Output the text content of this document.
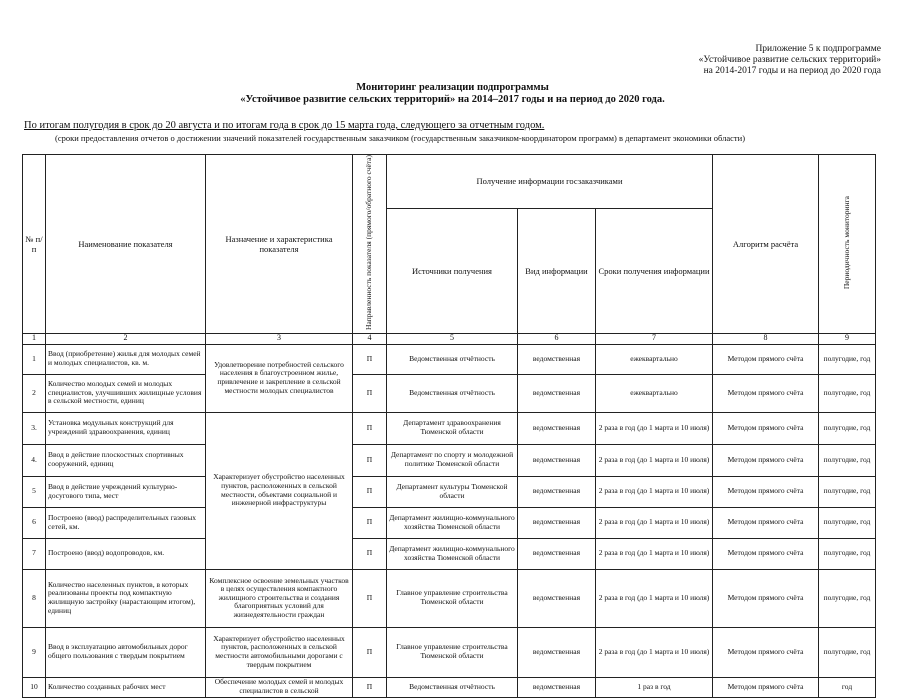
Приложение 5 к подпрограмме
«Устойчивое развитие сельских территорий»
на 2014-2017 годы и на период до 2020 года
Мониторинг реализации подпрограммы
«Устойчивое развитие сельских территорий» на 2014–2017 годы и на период до 2020 года.
По итогам полугодия в срок до 20 августа и по итогам года в срок до 15 марта года, следующего за отчетным годом.
(сроки предоставления отчетов о достижении значений показателей государственным заказчиком (государственным заказчиком-координатором программ) в департамент экономики области)
№ п/п	Наименование показателя	Назначение и характеристика показателя	Направленность показателя (прямого/обратного счёта)	Получение информации госзаказчиками			Алгоритм расчёта	Периодичность мониторинга
				Источники получения	Вид информации	Сроки получения информации		
1	2	3	4	5	6	7	8	9
1	Ввод (приобретение) жилья для молодых семей и молодых специалистов, кв. м.	Удовлетворение потребностей сельского населения в благоустроенном жилье, привлечение и закрепление в сельской местности молодых специалистов	П	Ведомственная отчётность	ведомственная	ежеквартально	Методом прямого счёта	полугодие, год
2	Количество молодых семей и молодых специалистов, улучшивших жилищные условия в сельской местности, единиц		П	Ведомственная отчётность	ведомственная	ежеквартально	Методом прямого счёта	полугодие, год
3.	Установка модульных конструкций для учреждений здравоохранения, единиц	Характеризует обустройство населенных пунктов, расположенных в сельской местности, объектами социальной и инженерной инфраструктуры	П	Департамент здравоохранения Тюменской области	ведомственная	2 раза в год (до 1 марта и 10 июля)	Методом прямого счёта	полугодие, год
4.	Ввод в действие плоскостных спортивных сооружений, единиц		П	Департамент по спорту и молодежной политике Тюменской области	ведомственная	2 раза в год (до 1 марта и 10 июля)	Методом прямого счёта	полугодие, год
5	Ввод в действие учреждений культурно-досугового типа, мест		П	Департамент культуры Тюменской области	ведомственная	2 раза в год (до 1 марта и 10 июля)	Методом прямого счёта	полугодие, год
6	Построено (ввод) распределительных газовых сетей, км.		П	Департамент жилищно-коммунального хозяйства Тюменской области	ведомственная	2 раза в год (до 1 марта и 10 июля)	Методом прямого счёта	полугодие, год
7	Построено (ввод) водопроводов, км.		П	Департамент жилищно-коммунального хозяйства Тюменской области	ведомственная	2 раза в год (до 1 марта и 10 июля)	Методом прямого счёта	полугодие, год
8	Количество населенных пунктов, в которых реализованы проекты под компактную жилищную застройку (нарастающим итогом), единиц	Комплексное освоение земельных участков в целях осуществления компактного жилищного строительства и создания благоприятных условий для жизнедеятельности граждан	П	Главное управление строительства Тюменской области	ведомственная	2 раза в год (до 1 марта и 10 июля)	Методом прямого счёта	полугодие, год
9	Ввод в эксплуатацию автомобильных дорог общего пользования с твердым покрытием	Характеризует обустройство населенных пунктов, расположенных в сельской местности автомобильными дорогами с твердым покрытием	П	Главное управление строительства Тюменской области	ведомственная	2 раза в год (до 1 марта и 10 июля)	Методом прямого счёта	полугодие, год
10	Количество созданных рабочих мест	Обеспечение молодых семей и молодых специалистов в сельской	П	Ведомственная отчётность	ведомственная	1 раз в год	Методом прямого счёта	год
